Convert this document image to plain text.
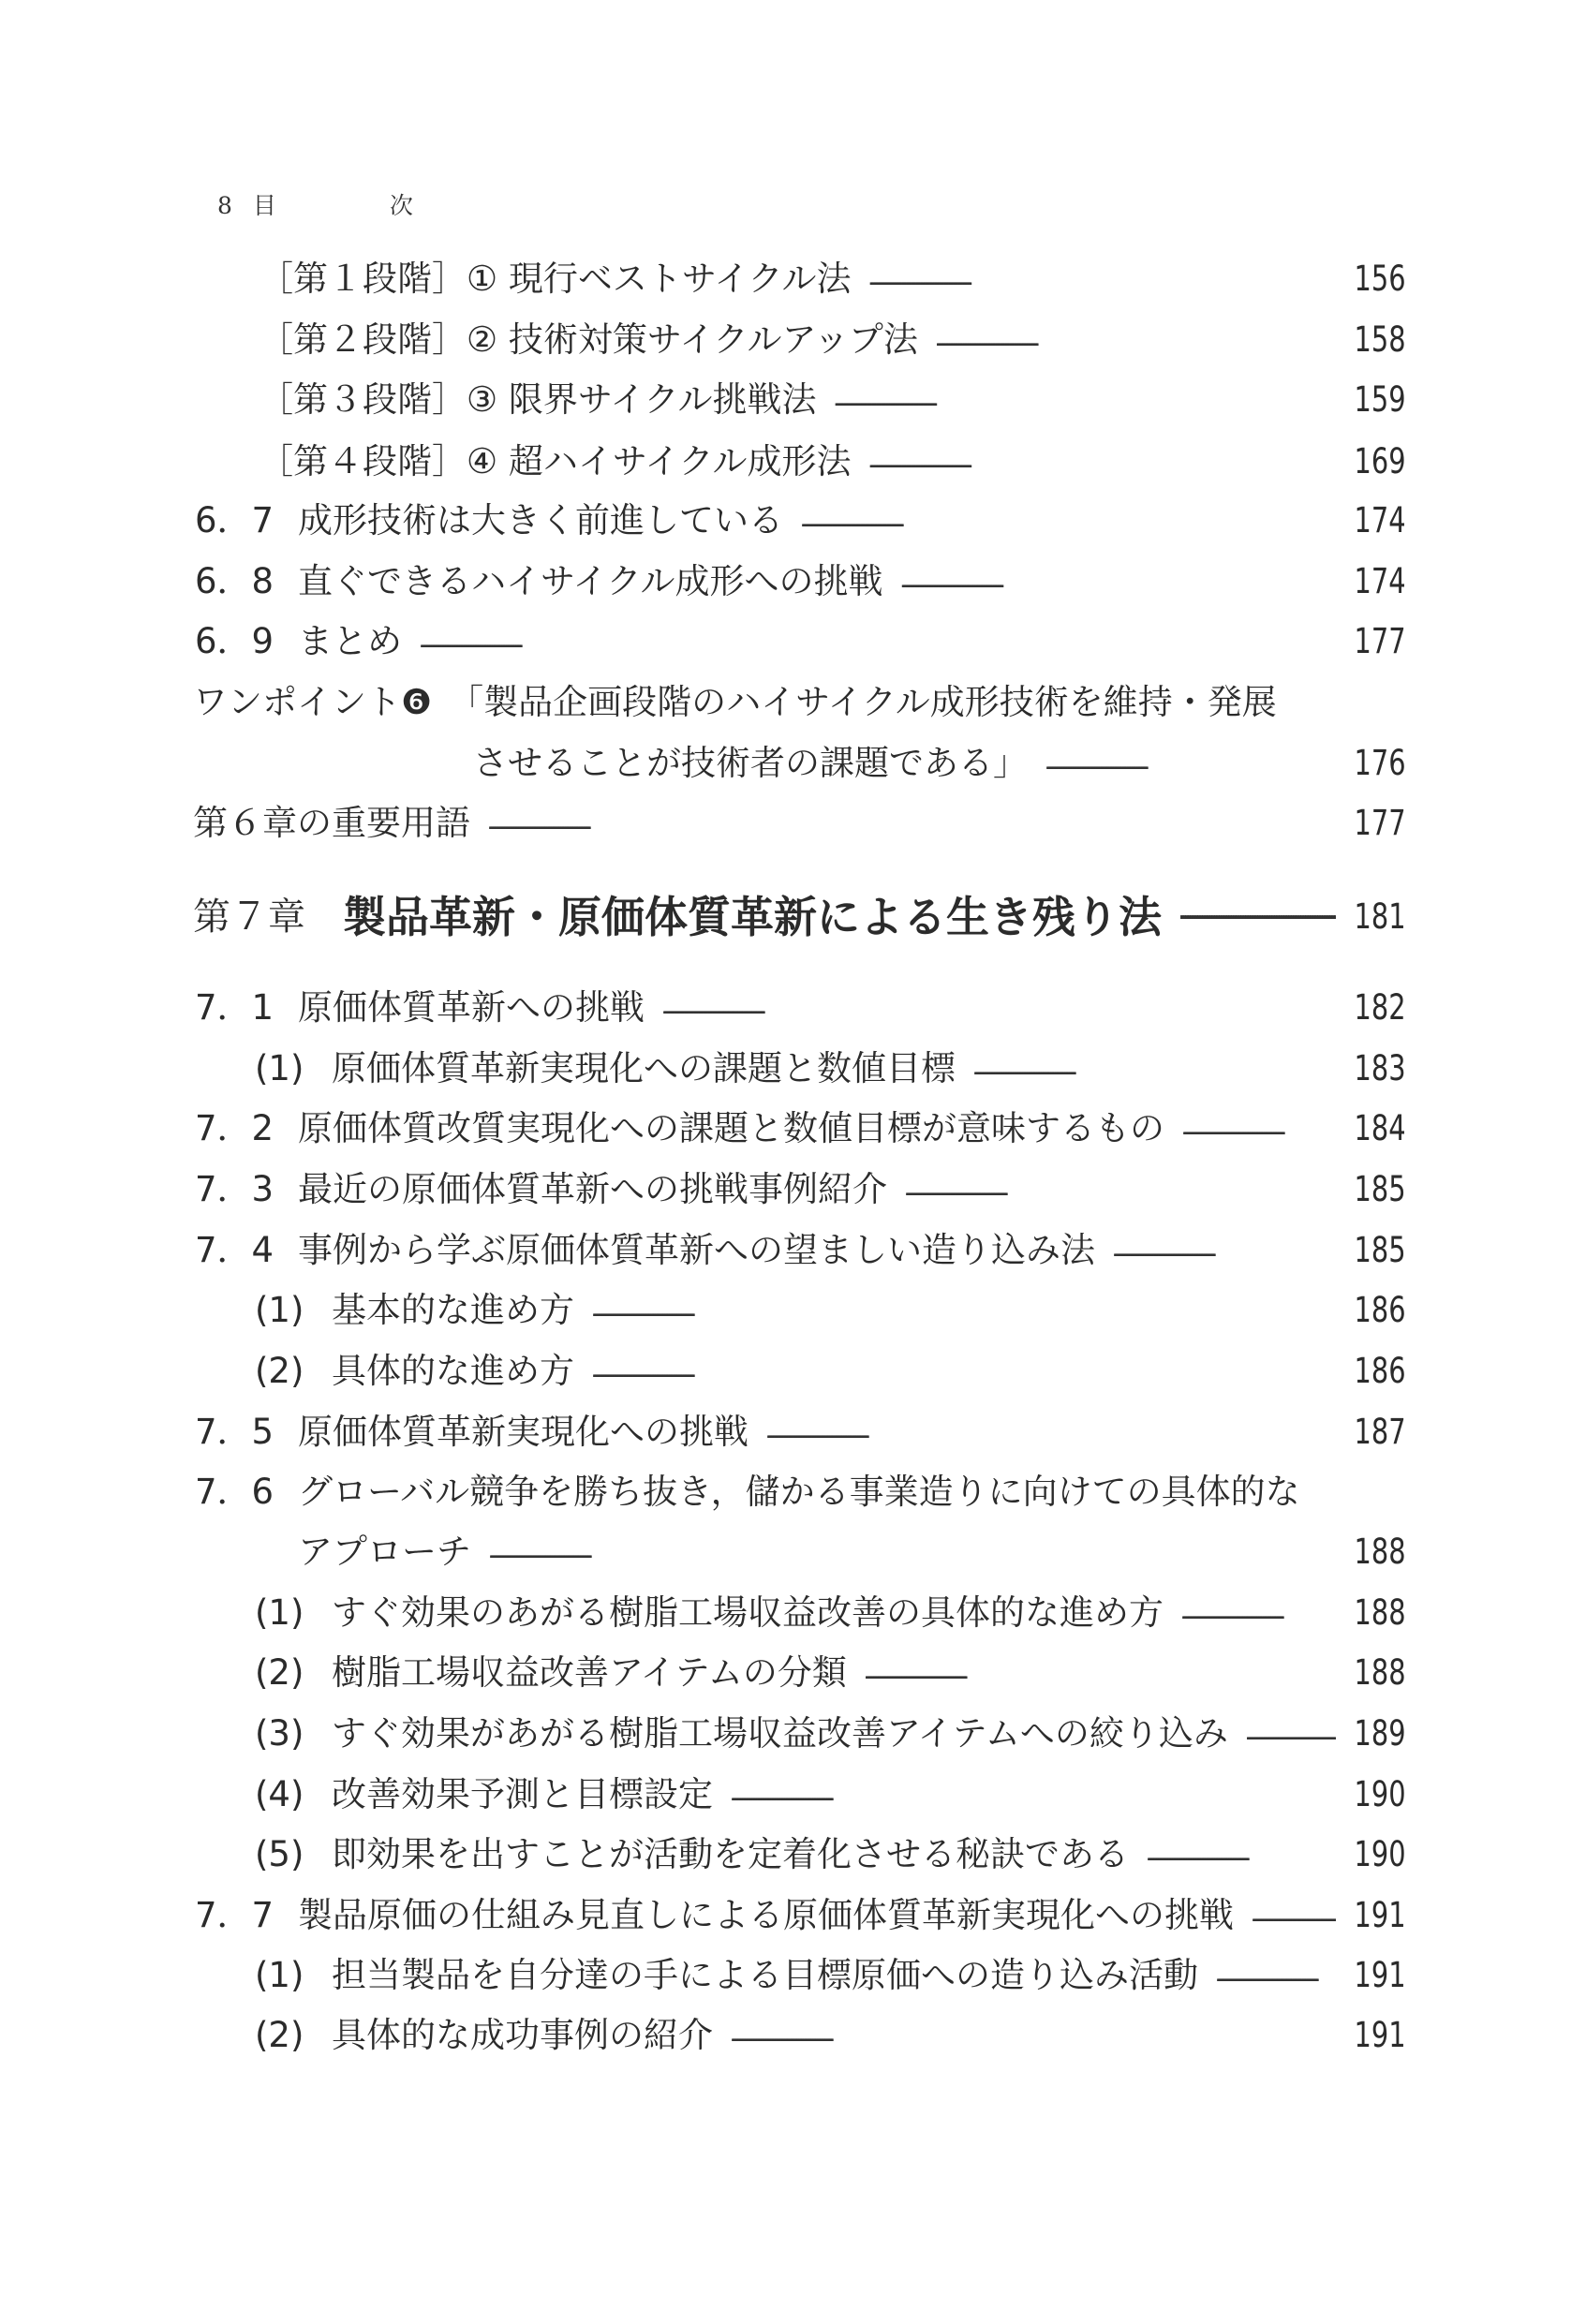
8 目　次
［第１段階］① 現行ベストサイクル法 · · ·	156
［第２段階］② 技術対策サイクルアップ法 · · ·	158
［第３段階］③ 限界サイクル挑戦法 · · ·	159
［第４段階］④ 超ハイサイクル成形法 · · ·	169
6．7 成形技術は大きく前進している · · ·	174
6．8 直ぐできるハイサイクル成形への挑戦 · · ·	174
6．9 まとめ · · ·	177
ワンポイント❻ 「製品企画段階のハイサイクル成形技術を維持・発展
させることが技術者の課題である」 · · ·	176
第６章の重要用語 · · ·	177
第７章 製品革新・原価体質革新による生き残り法 · · ·	181
7．1 原価体質革新への挑戦 · · ·	182
(1) 原価体質革新実現化への課題と数値目標 · · ·	183
7．2 原価体質改質実現化への課題と数値目標が意味するもの · · ·	184
7．3 最近の原価体質革新への挑戦事例紹介 · · ·	185
7．4 事例から学ぶ原価体質革新への望ましい造り込み法 · · ·	185
(1) 基本的な進め方 · · ·	186
(2) 具体的な進め方 · · ·	186
7．5 原価体質革新実現化への挑戦 · · ·	187
7．6 グローバル競争を勝ち抜き，儲かる事業造りに向けての具体的な
アプローチ · · ·	188
(1) すぐ効果のあがる樹脂工場収益改善の具体的な進め方 · · ·	188
(2) 樹脂工場収益改善アイテムの分類 · · ·	188
(3) すぐ効果があがる樹脂工場収益改善アイテムへの絞り込み · · ·	189
(4) 改善効果予測と目標設定 · · ·	190
(5) 即効果を出すことが活動を定着化させる秘訣である · · ·	190
7．7 製品原価の仕組み見直しによる原価体質革新実現化への挑戦 · · ·	191
(1) 担当製品を自分達の手による目標原価への造り込み活動 · · ·	191
(2) 具体的な成功事例の紹介 · · ·	191
